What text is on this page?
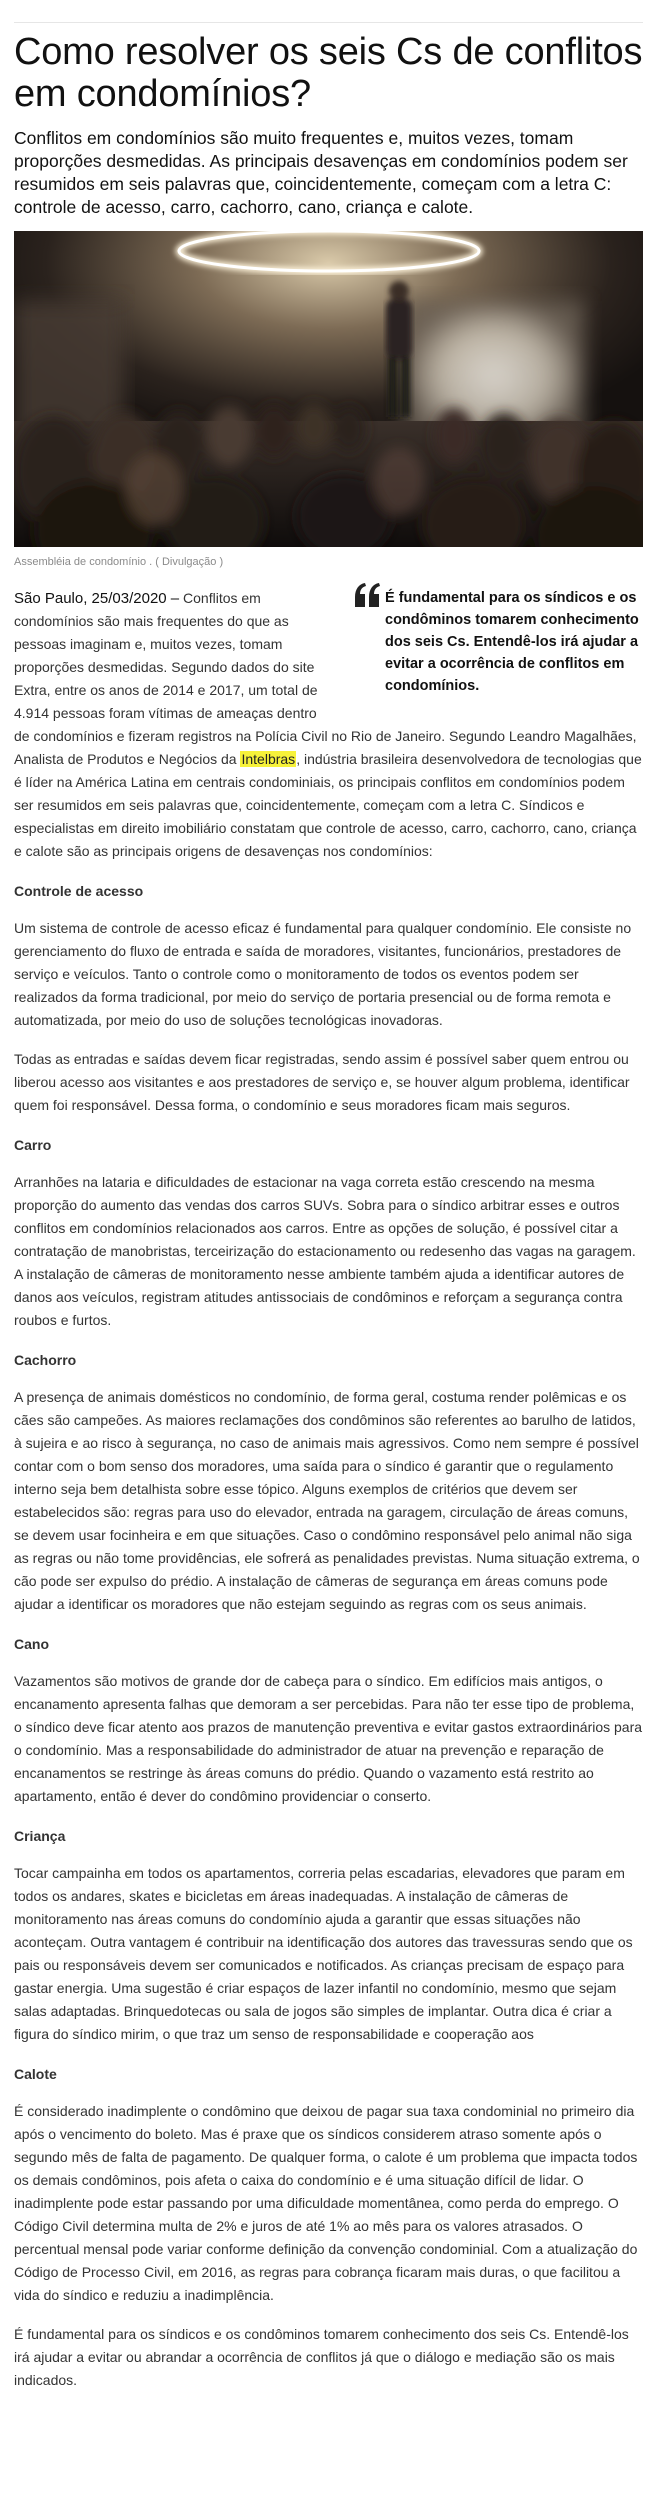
Como resolver os seis Cs de conflitos em condomínios?
Conflitos em condomínios são muito frequentes e, muitos vezes, tomam proporções desmedidas. As principais desavenças em condomínios podem ser resumidos em seis palavras que, coincidentemente, começam com a letra C: controle de acesso, carro, cachorro, cano, criança e calote.
Assembléia de condomínio . ( Divulgação )
É fundamental para os síndicos e os condôminos tomarem conhecimento dos seis Cs. Entendê-los irá ajudar a evitar a ocorrência de conflitos em condomínios.

São Paulo, 25/03/2020 – Conflitos em condomínios são mais frequentes do que as pessoas imaginam e, muitos vezes, tomam proporções desmedidas. Segundo dados do site Extra, entre os anos de 2014 e 2017, um total de 4.914 pessoas foram vítimas de ameaças dentro de condomínios e fizeram registros na Polícia Civil no Rio de Janeiro. Segundo Leandro Magalhães, Analista de Produtos e Negócios da Intelbras, indústria brasileira desenvolvedora de tecnologias que é líder na América Latina em centrais condominiais, os principais conflitos em condomínios podem ser resumidos em seis palavras que, coincidentemente, começam com a letra C. Síndicos e especialistas em direito imobiliário constatam que controle de acesso, carro, cachorro, cano, criança e calote são as principais origens de desavenças nos condomínios:

Controle de acesso

Um sistema de controle de acesso eficaz é fundamental para qualquer condomínio. Ele consiste no gerenciamento do fluxo de entrada e saída de moradores, visitantes, funcionários, prestadores de serviço e veículos. Tanto o controle como o monitoramento de todos os eventos podem ser realizados da forma tradicional, por meio do serviço de portaria presencial ou de forma remota e automatizada, por meio do uso de soluções tecnológicas inovadoras.

Todas as entradas e saídas devem ficar registradas, sendo assim é possível saber quem entrou ou liberou acesso aos visitantes e aos prestadores de serviço e, se houver algum problema, identificar quem foi responsável. Dessa forma, o condomínio e seus moradores ficam mais seguros.

Carro

Arranhões na lataria e dificuldades de estacionar na vaga correta estão crescendo na mesma proporção do aumento das vendas dos carros SUVs. Sobra para o síndico arbitrar esses e outros conflitos em condomínios relacionados aos carros. Entre as opções de solução, é possível citar a contratação de manobristas, terceirização do estacionamento ou redesenho das vagas na garagem. A instalação de câmeras de monitoramento nesse ambiente também ajuda a identificar autores de danos aos veículos, registram atitudes antissociais de condôminos e reforçam a segurança contra roubos e furtos.

Cachorro

A presença de animais domésticos no condomínio, de forma geral, costuma render polêmicas e os cães são campeões. As maiores reclamações dos condôminos são referentes ao barulho de latidos, à sujeira e ao risco à segurança, no caso de animais mais agressivos. Como nem sempre é possível contar com o bom senso dos moradores, uma saída para o síndico é garantir que o regulamento interno seja bem detalhista sobre esse tópico. Alguns exemplos de critérios que devem ser estabelecidos são: regras para uso do elevador, entrada na garagem, circulação de áreas comuns, se devem usar focinheira e em que situações. Caso o condômino responsável pelo animal não siga as regras ou não tome providências, ele sofrerá as penalidades previstas. Numa situação extrema, o cão pode ser expulso do prédio. A instalação de câmeras de segurança em áreas comuns pode ajudar a identificar os moradores que não estejam seguindo as regras com os seus animais.

Cano

Vazamentos são motivos de grande dor de cabeça para o síndico. Em edifícios mais antigos, o encanamento apresenta falhas que demoram a ser percebidas. Para não ter esse tipo de problema, o síndico deve ficar atento aos prazos de manutenção preventiva e evitar gastos extraordinários para o condomínio. Mas a responsabilidade do administrador de atuar na prevenção e reparação de encanamentos se restringe às áreas comuns do prédio. Quando o vazamento está restrito ao apartamento, então é dever do condômino providenciar o conserto.

Criança

Tocar campainha em todos os apartamentos, correria pelas escadarias, elevadores que param em todos os andares, skates e bicicletas em áreas inadequadas. A instalação de câmeras de monitoramento nas áreas comuns do condomínio ajuda a garantir que essas situações não aconteçam. Outra vantagem é contribuir na identificação dos autores das travessuras sendo que os pais ou responsáveis devem ser comunicados e notificados. As crianças precisam de espaço para gastar energia. Uma sugestão é criar espaços de lazer infantil no condomínio, mesmo que sejam salas adaptadas. Brinquedotecas ou sala de jogos são simples de implantar. Outra dica é criar a figura do síndico mirim, o que traz um senso de responsabilidade e cooperação aos

Calote

É considerado inadimplente o condômino que deixou de pagar sua taxa condominial no primeiro dia após o vencimento do boleto. Mas é praxe que os síndicos considerem atraso somente após o segundo mês de falta de pagamento. De qualquer forma, o calote é um problema que impacta todos os demais condôminos, pois afeta o caixa do condomínio e é uma situação difícil de lidar. O inadimplente pode estar passando por uma dificuldade momentânea, como perda do emprego. O Código Civil determina multa de 2% e juros de até 1% ao mês para os valores atrasados. O percentual mensal pode variar conforme definição da convenção condominial. Com a atualização do Código de Processo Civil, em 2016, as regras para cobrança ficaram mais duras, o que facilitou a vida do síndico e reduziu a inadimplência.

É fundamental para os síndicos e os condôminos tomarem conhecimento dos seis Cs. Entendê-los irá ajudar a evitar ou abrandar a ocorrência de conflitos já que o diálogo e mediação são os mais indicados.
